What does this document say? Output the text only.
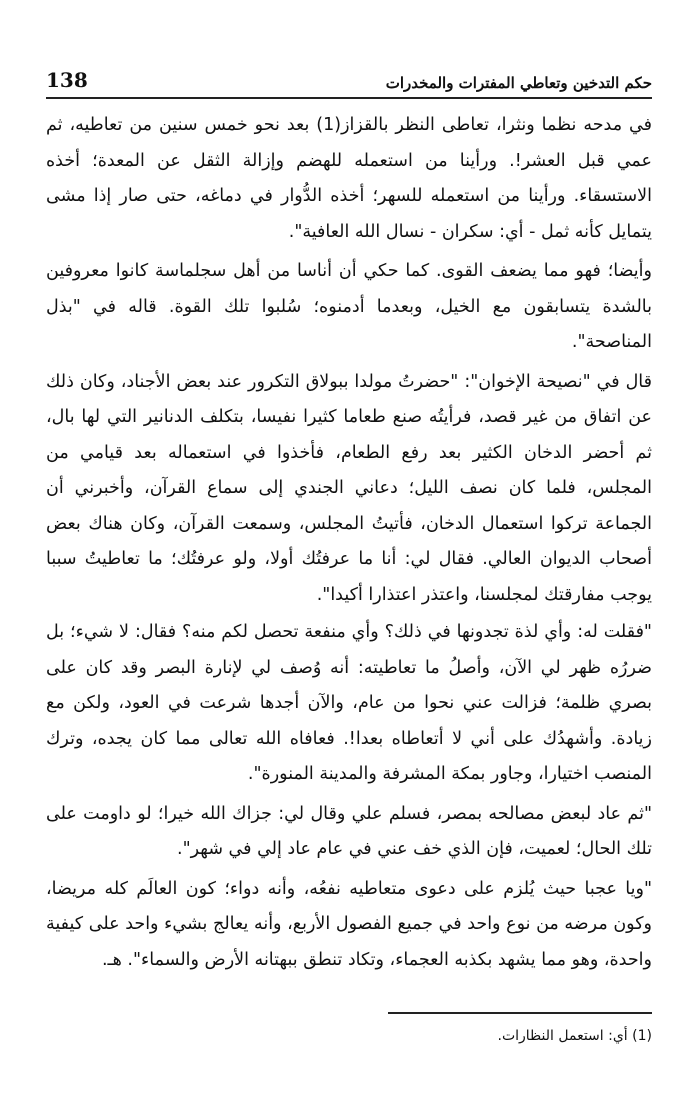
138	حكم التدخين وتعاطي المفترات والمخدرات

في مدحه نظما ونثرا، تعاطى النظر بالقزاز(1) بعد نحو خمس سنين من تعاطيه، ثم عمي قبل العشر!. ورأينا من استعمله للهضم وإزالة الثقل عن المعدة؛ أخذه الاستسقاء. ورأينا من استعمله للسهر؛ أخذه الدُّوار في دماغه، حتى صار إذا مشى يتمايل كأنه ثمل - أي: سكران - نسال الله العافية".

وأيضا؛ فهو مما يضعف القوى. كما حكي أن أناسا من أهل سجلماسة كانوا معروفين بالشدة يتسابقون مع الخيل، وبعدما أدمنوه؛ سُلبوا تلك القوة. قاله في "بذل المناصحة".

قال في "نصيحة الإخوان": "حضرتُ مولدا ببولاق التكرور عند بعض الأجناد، وكان ذلك عن اتفاق من غير قصد، فرأيتُه صنع طعاما كثيرا نفيسا، بتكلف الدنانير التي لها بال، ثم أحضر الدخان الكثير بعد رفع الطعام، فأخذوا في استعماله بعد قيامي من المجلس، فلما كان نصف الليل؛ دعاني الجندي إلى سماع القرآن، وأخبرني أن الجماعة تركوا استعمال الدخان، فأتيتُ المجلس، وسمعت القرآن، وكان هناك بعض أصحاب الديوان العالي. فقال لي: أنا ما عرفتُك أولا، ولو عرفتُك؛ ما تعاطيتُ سببا يوجب مفارقتك لمجلسنا، واعتذر اعتذارا أكيدا".

"فقلت له: وأي لذة تجدونها في ذلك؟ وأي منفعة تحصل لكم منه؟ فقال: لا شيء؛ بل ضررُه ظهر لي الآن، وأصلُ ما تعاطيته: أنه وُصف لي لإنارة البصر وقد كان على بصري ظلمة؛ فزالت عني نحوا من عام، والآن أجدها شرعت في العود، ولكن مع زيادة. وأشهدُك على أني لا أتعاطاه بعدا!. فعافاه الله تعالى مما كان يجده، وترك المنصب اختيارا، وجاور بمكة المشرفة والمدينة المنورة".

"ثم عاد لبعض مصالحه بمصر، فسلم علي وقال لي: جزاك الله خيرا؛ لو داومت على تلك الحال؛ لعميت، فإن الذي خف عني في عام عاد إلي في شهر".

"ويا عجبا حيث يُلزم على دعوى متعاطيه نفعُه، وأنه دواء؛ كون العالَم كله مريضا، وكون مرضه من نوع واحد في جميع الفصول الأربع، وأنه يعالج بشيء واحد على كيفية واحدة، وهو مما يشهد بكذبه العجماء، وتكاد تنطق ببهتانه الأرض والسماء". هـ.

(1) أي: استعمل النظارات.
